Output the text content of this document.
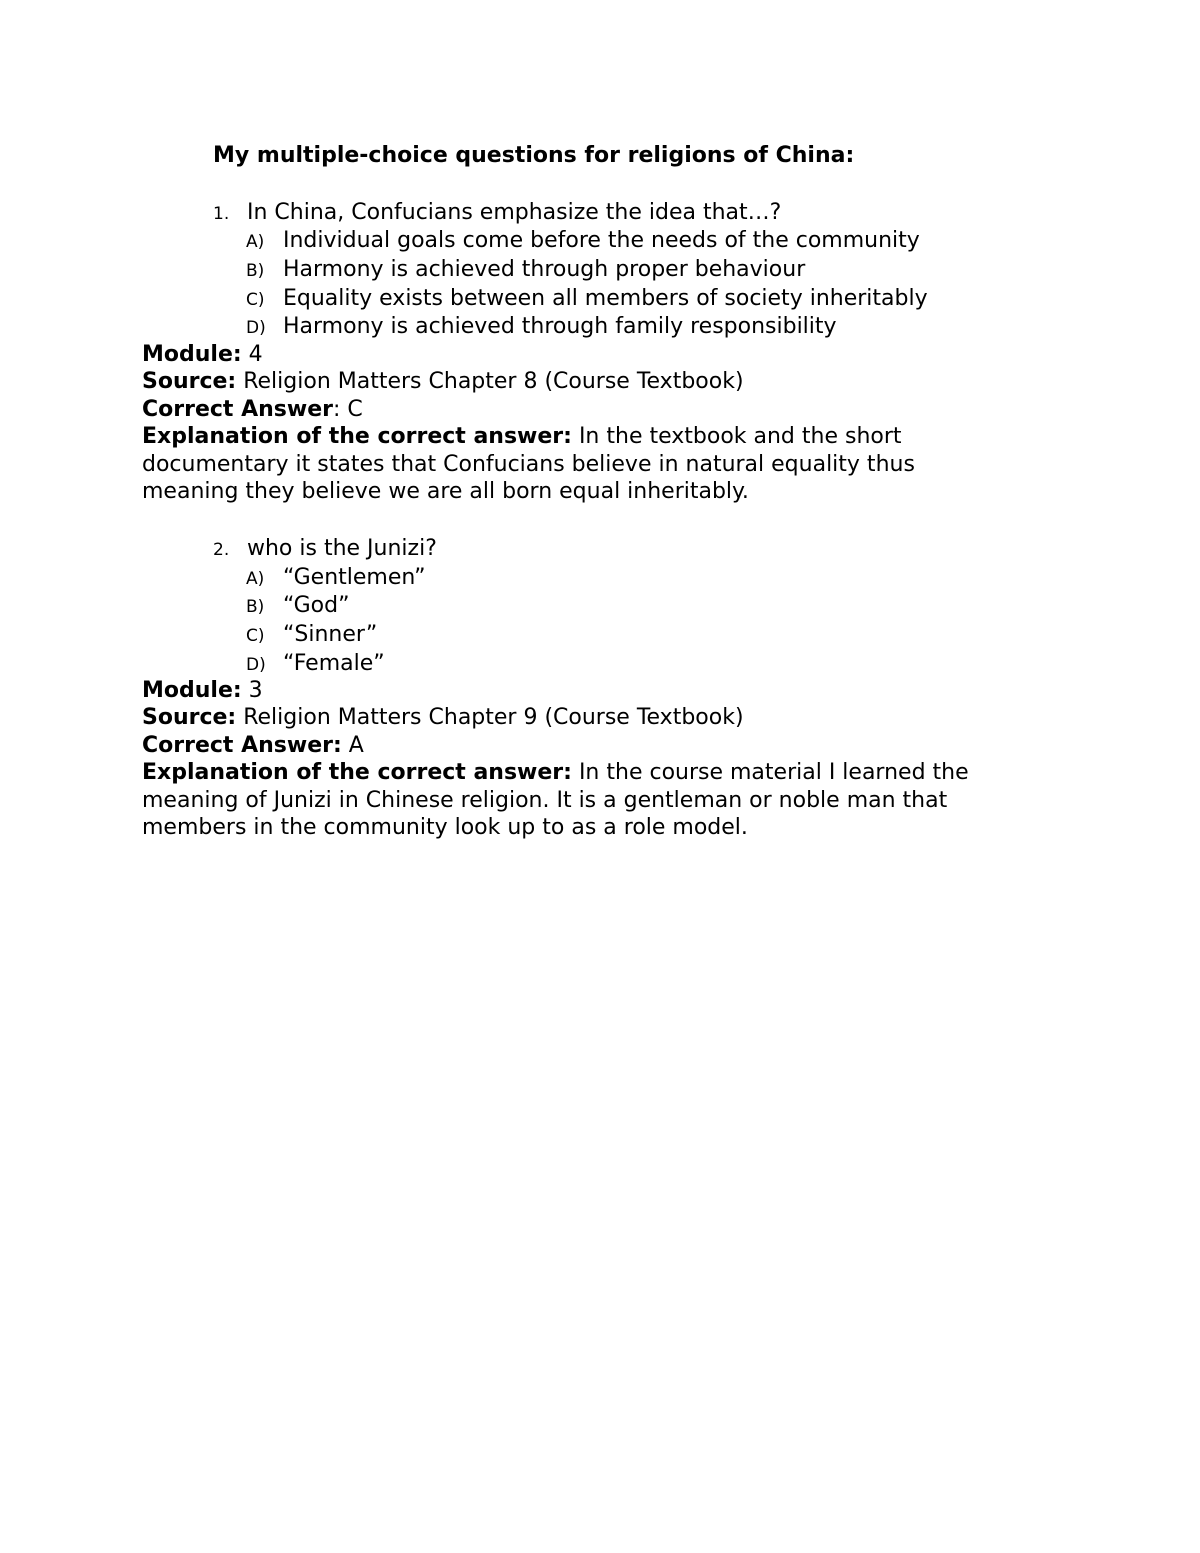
My multiple-choice questions for religions of China:
1. In China, Confucians emphasize the idea that…?
A) Individual goals come before the needs of the community
B) Harmony is achieved through proper behaviour
C) Equality exists between all members of society inheritably
D) Harmony is achieved through family responsibility
Module: 4
Source: Religion Matters Chapter 8 (Course Textbook)
Correct Answer: C
Explanation of the correct answer: In the textbook and the short
documentary it states that Confucians believe in natural equality thus
meaning they believe we are all born equal inheritably.
2. who is the Junizi?
A) “Gentlemen”
B) “God”
C) “Sinner”
D) “Female”
Module: 3
Source: Religion Matters Chapter 9 (Course Textbook)
Correct Answer: A
Explanation of the correct answer: In the course material I learned the
meaning of Junizi in Chinese religion. It is a gentleman or noble man that
members in the community look up to as a role model.
